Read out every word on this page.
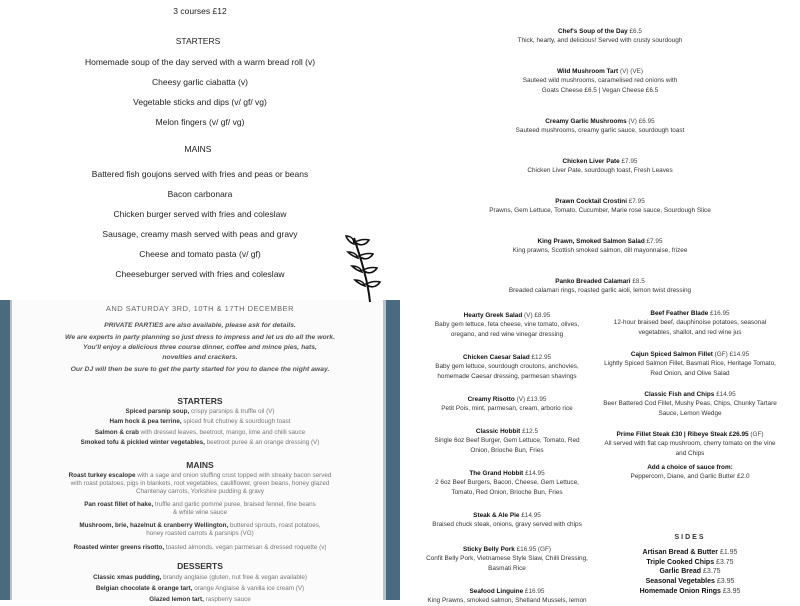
3 courses £12
STARTERS
Homemade soup of the day served with a warm bread roll (v)
Cheesy garlic ciabatta (v)
Vegetable sticks and dips (v/ gf/ vg)
Melon fingers (v/ gf/ vg)
MAINS
Battered fish goujons served with fries and peas or beans
Bacon carbonara
Chicken burger served with fries and coleslaw
Sausage, creamy mash served with peas and gravy
Cheese and tomato pasta (v/ gf)
Cheeseburger served with fries and coleslaw
AND SATURDAY 3RD, 10TH & 17TH DECEMBER
PRIVATE PARTIES are also available, please ask for details.
We are experts in party planning so just dress to impress and let us do all the work.
You'll enjoy a delicious three course dinner, coffee and mince pies, hats,
novelties and crackers.
Our DJ will then be sure to get the party started for you to dance the night away.
STARTERS
Spiced parsnip soup, crispy parsnips & truffle oil (V)
Ham hock & pea terrine, spiced fruit chutney & sourdough toast
Salmon & crab with dressed leaves, beetroot, mango, lime and chilli sauce
Smoked tofu & pickled winter vegetables, beetroot puree & an orange dressing (V)
MAINS
Roast turkey escalope with a sage and onion stuffing crust topped with streaky bacon served
with roast potatoes, pigs in blankets, root vegetables, cauliflower, green beans, honey glazed
Chantenay carrots, Yorkshire pudding & gravy
Pan roast fillet of hake, truffle and garlic pomme puree, braised fennel, fine beans
& white wine sauce
Mushroom, brie, hazelnut & cranberry Wellington, buttered sprouts, roast potatoes,
honey roasted carrots & parsnips (VG)
Roasted winter greens risotto, toasted almonds, vegan parmesan & dressed roquette (v)
DESSERTS
Classic xmas pudding, brandy anglaise (gluten, nut free & vegan available)
Belgian chocolate & orange tart, orange Anglaise & vanilla ice cream (V)
Glazed lemon tart, raspberry sauce
Chef's Soup of the Day £6.5
Thick, hearty, and delicious! Served with crusty sourdough
Wild Mushroom Tart (V) (VE)
Sauteed wild mushrooms, caramelised red onions with
Goats Cheese £6.5 | Vegan Cheese £6.5
Creamy Garlic Mushrooms (V) £6.95
Sauteed mushrooms, creamy garlic sauce, sourdough toast
Chicken Liver Pate £7.95
Chicken Liver Pate, sourdough toast, Fresh Leaves
Prawn Cocktail Crostini £7.95
Prawns, Gem Lettuce, Tomato, Cucumber, Marie rose sauce, Sourdough Slice
King Prawn, Smoked Salmon Salad £7.95
King prawns, Scottish smoked salmon, dill mayonnaise, frizee
Panko Breaded Calamari £8.5
Breaded calamari rings, roasted garlic aioli, lemon twist dressing
Hearty Greek Salad (V) £8.95
Baby gem lettuce, feta cheese, vine tomato, olives,
oregano, and red wine vinegar dressing
Chicken Caesar Salad £12.95
Baby gem lettuce, sourdough croutons, anchovies,
homemade Caesar dressing, parmesan shavings
Creamy Risotto (V) £13.95
Petit Pois, mint, parmesan, cream, arborio rice
Classic Hobbit £12.5
Single 6oz Beef Burger, Gem Lettuce, Tomato, Red
Onion, Brioche Bun, Fries
The Grand Hobbit £14.95
2 6oz Beef Burgers, Bacon, Cheese, Gem Lettuce,
Tomato, Red Onion, Brioche Bun, Fries
Steak & Ale Pie £14.95
Braised chuck steak, onions, gravy served with chips
Sticky Belly Pork £16.95 (GF)
Confit Belly Pork, Vietnamese Style Slaw, Chilli Dressing,
Basmati Rice
Seafood Linguine £16.95
King Prawns, smoked salmon, Shetland Mussels, lemon
Beef Feather Blade £16.95
12-hour braised beef, dauphinoise potatoes, seasonal
vegetables, shallot, and red wine jus
Cajun Spiced Salmon Fillet (GF) £14.95
Lightly Spiced Salmon Fillet, Basmati Rice, Heritage Tomato,
Red Onion, and Olive Salad
Classic Fish and Chips £14.95
Beer Battered Cod Fillet, Mushy Peas, Chips, Chunky Tartare
Sauce, Lemon Wedge
Prime Fillet Steak £30 | Ribeye Steak £26.95 (GF)
All served with flat cap mushroom, cherry tomato on the vine
and Chips
Add a choice of sauce from:
Peppercorn, Diane, and Garlic Butter £2.0
SIDES
Artisan Bread & Butter £1.95
Triple Cooked Chips £3.75
Garlic Bread £3.75
Seasonal Vegetables £3.95
Homemade Onion Rings £3.95
